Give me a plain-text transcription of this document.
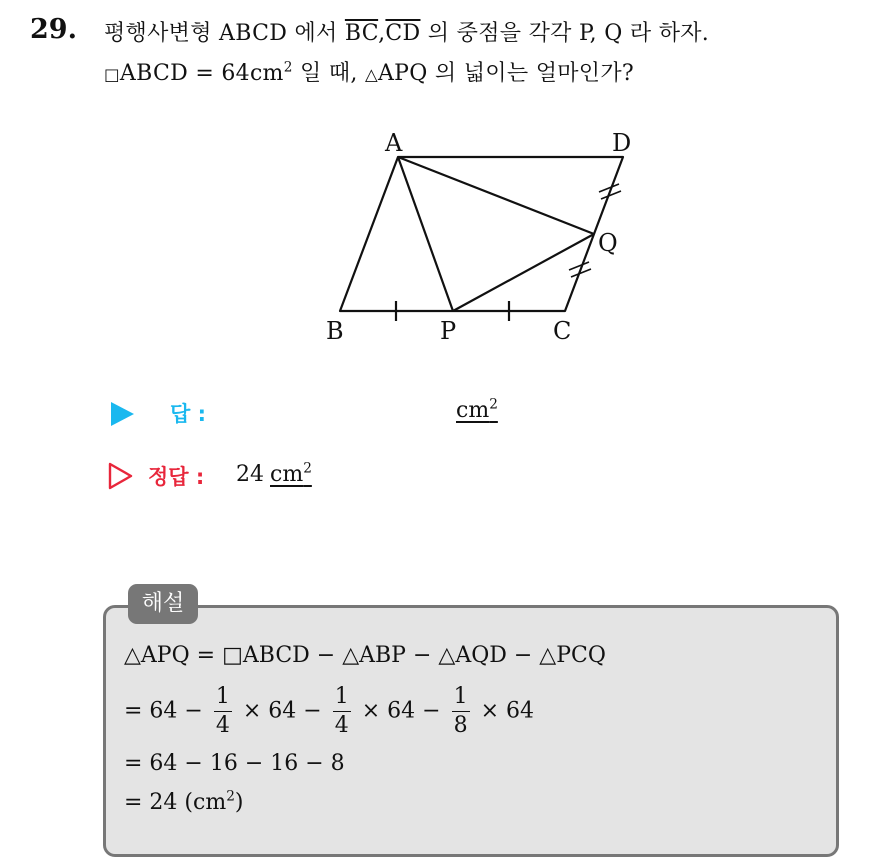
29. 평행사변형 ABCD 에서 $\overline{BC},\overline{CD}$ 의 중점을 각각 P, Q 라 하자.
□ABCD = $64cm^2$ 일 때, △APQ 의 넓이는 얼마인가?
A	D
Q
B	P	C
답 :	$cm^2$
정답 : 24 $cm^2$
해설
△APQ = □ABCD − △ABP − △AQD − △PCQ
= $64 - \frac{1}{4} \times 64 - \frac{1}{4} \times 64 - \frac{1}{8} \times 64$
= 64 − 16 − 16 − 8
= 24 $(cm^2)$
